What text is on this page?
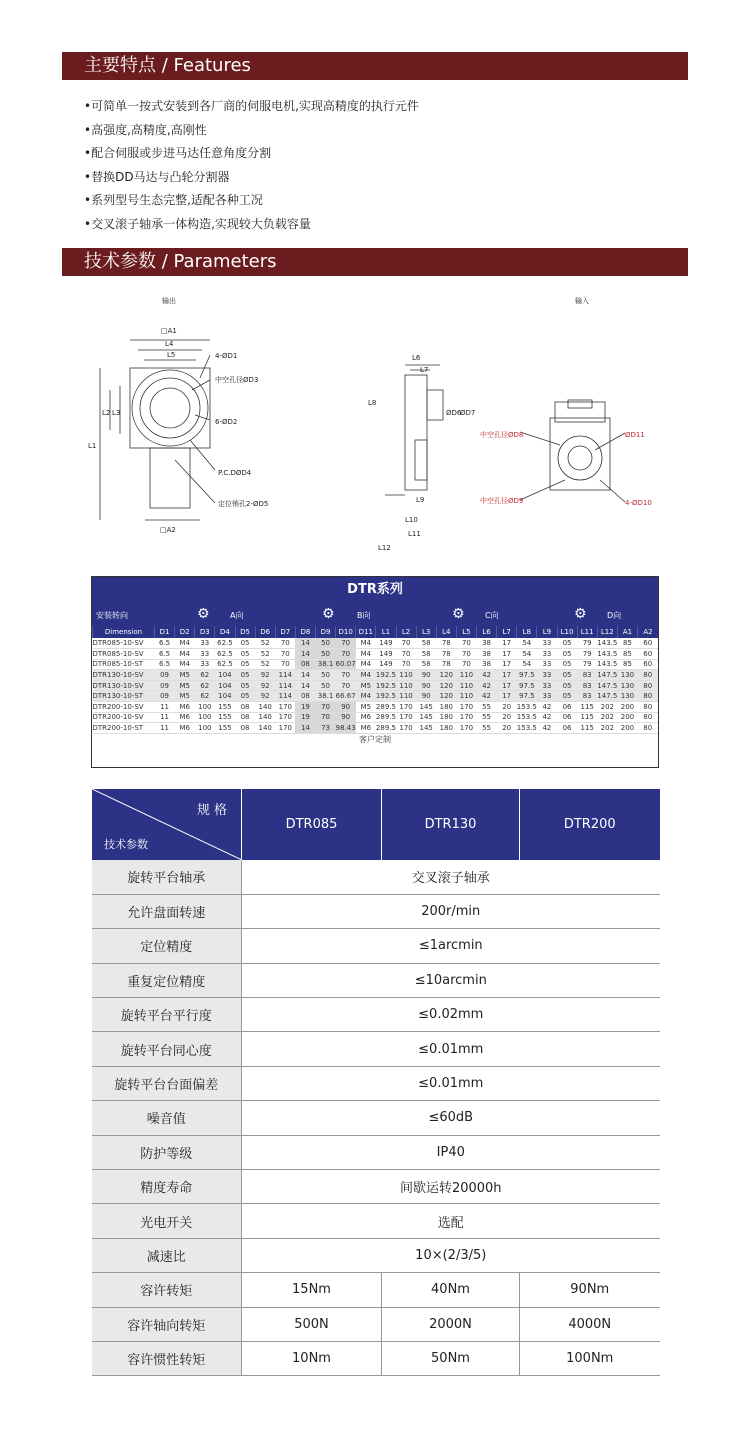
主要特点 / Features
•可简单一按式安装到各厂商的伺服电机,实现高精度的执行元件
•高强度,高精度,高刚性
•配合伺服或步进马达任意角度分割
•替换DD马达与凸轮分割器
•系列型号生态完整,适配各种工况
•交叉滚子轴承一体构造,实现较大负载容量
技术参数 / Parameters
输出	输入
□A1
L4
L5
L1
L2 L3
4-ØD1
中空孔径ØD3
6-ØD2
P.C.DØD4
定位销孔2-ØD5
□A2
L6
L7
L8
ØD6
ØD7
L9
L10
L11
L12
中空孔径ØD8	ØD11
中空孔径ØD9	4-ØD10
DTR系列
安装转向	⚙	A向	⚙	B向	⚙	C向	⚙	D向
Dimension	D1	D2	D3	D4	D5	D6	D7	D8	D9	D10	D11	L1	L2	L3	L4	L5	L6	L7	L8	L9	L10	L11	L12	A1	A2
DTR085-10-SV	6.5	M4	33	62.5	05	52	70	14	50	70	M4	149	70	58	78	70	38	17	54	33	05	79	143.5	85	60
DTR085-10-SV	6.5	M4	33	62.5	05	52	70	14	50	70	M4	149	70	58	78	70	38	17	54	33	05	79	143.5	85	60
DTR085-10-ST	6.5	M4	33	62.5	05	52	70	08	38.1	60.07	M4	149	70	58	78	70	38	17	54	33	05	79	143.5	85	60
DTR130-10-SV	09	M5	62	104	05	92	114	14	50	70	M4	192.5	110	90	120	110	42	17	97.5	33	05	83	147.5	130	80
DTR130-10-SV	09	M5	62	104	05	92	114	14	50	70	M5	192.5	110	90	120	110	42	17	97.5	33	05	83	147.5	130	80
DTR130-10-ST	09	M5	62	104	05	92	114	08	38.1	66.67	M4	192.5	110	90	120	110	42	17	97.5	33	05	83	147.5	130	80
DTR200-10-SV	11	M6	100	155	08	140	170	19	70	90	M5	289.5	170	145	180	170	55	20	153.5	42	06	115	202	200	80
DTR200-10-SV	11	M6	100	155	08	140	170	19	70	90	M6	289.5	170	145	180	170	55	20	153.5	42	06	115	202	200	80
DTR200-10-ST	11	M6	100	155	08	140	170	14	73	98.43	M6	289.5	170	145	180	170	55	20	153.5	42	06	115	202	200	80
客户定制
规 格
技术参数	DTR085	DTR130	DTR200
旋转平台轴承	交叉滚子轴承		
允许盘面转速	200r/min		
定位精度	≤1arcmin		
重复定位精度	≤10arcmin		
旋转平台平行度	≤0.02mm		
旋转平台同心度	≤0.01mm		
旋转平台台面偏差	≤0.01mm		
噪音值	≤60dB		
防护等级	IP40		
精度寿命	间歇运转20000h		
光电开关	选配		
减速比	10×(2/3/5)		
容许转矩	15Nm	40Nm	90Nm
容许轴向转矩	500N	2000N	4000N
容许惯性转矩	10Nm	50Nm	100Nm
